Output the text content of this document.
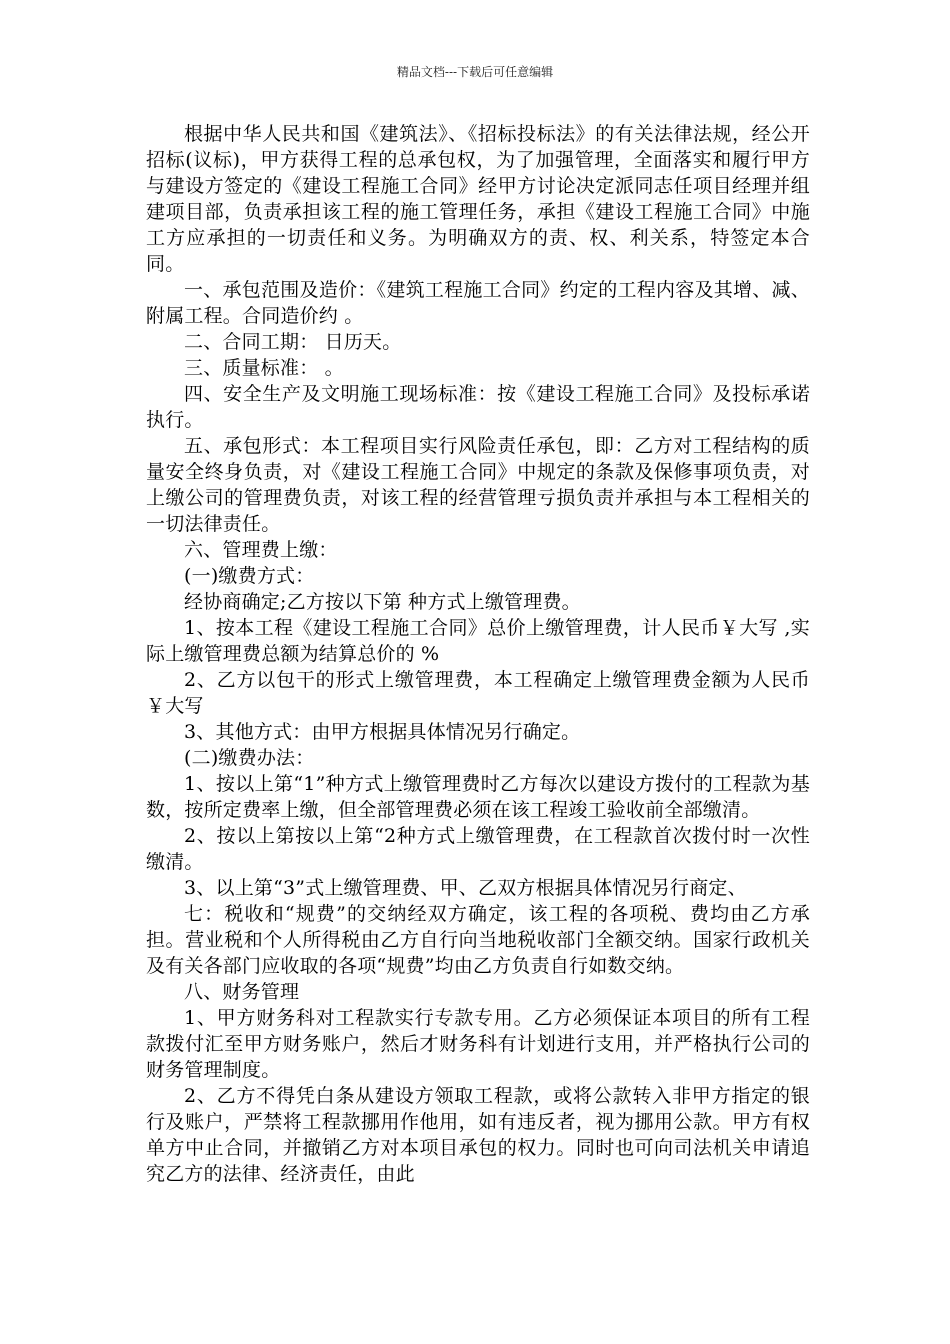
精品文档---下载后可任意编辑

根据中华人民共和国《建筑法》、《招标投标法》的有关法律法规，经公开招标(议标)，甲方获得工程的总承包权，为了加强管理，全面落实和履行甲方与建设方签定的《建设工程施工合同》经甲方讨论决定派同志任项目经理并组建项目部，负责承担该工程的施工管理任务，承担《建设工程施工合同》中施工方应承担的一切责任和义务。为明确双方的责、权、利关系，特签定本合同。

一、承包范围及造价：《建筑工程施工合同》约定的工程内容及其增、减、附属工程。合同造价约 。

二、合同工期： 日历天。

三、质量标准： 。

四、安全生产及文明施工现场标准：按《建设工程施工合同》及投标承诺执行。

五、承包形式：本工程项目实行风险责任承包，即：乙方对工程结构的质量安全终身负责，对《建设工程施工合同》中规定的条款及保修事项负责，对上缴公司的管理费负责，对该工程的经营管理亏损负责并承担与本工程相关的一切法律责任。

六、管理费上缴：

(一)缴费方式：

经协商确定;乙方按以下第 种方式上缴管理费。

1、按本工程《建设工程施工合同》总价上缴管理费，计人民币￥大写 ,实际上缴管理费总额为结算总价的 %

2、乙方以包干的形式上缴管理费，本工程确定上缴管理费金额为人民币￥大写

3、其他方式：由甲方根据具体情况另行确定。

(二)缴费办法：

1、按以上第“1”种方式上缴管理费时乙方每次以建设方拨付的工程款为基数，按所定费率上缴，但全部管理费必须在该工程竣工验收前全部缴清。

2、按以上第按以上第“2种方式上缴管理费，在工程款首次拨付时一次性缴清。

3、以上第“3”式上缴管理费、甲、乙双方根据具体情况另行商定、

七：税收和“规费”的交纳经双方确定，该工程的各项税、费均由乙方承担。营业税和个人所得税由乙方自行向当地税收部门全额交纳。国家行政机关及有关各部门应收取的各项“规费”均由乙方负责自行如数交纳。

八、财务管理

1、甲方财务科对工程款实行专款专用。乙方必须保证本项目的所有工程款拨付汇至甲方财务账户，然后才财务科有计划进行支用，并严格执行公司的财务管理制度。

2、乙方不得凭白条从建设方领取工程款，或将公款转入非甲方指定的银行及账户，严禁将工程款挪用作他用，如有违反者，视为挪用公款。甲方有权单方中止合同，并撤销乙方对本项目承包的权力。同时也可向司法机关申请追究乙方的法律、经济责任，由此
